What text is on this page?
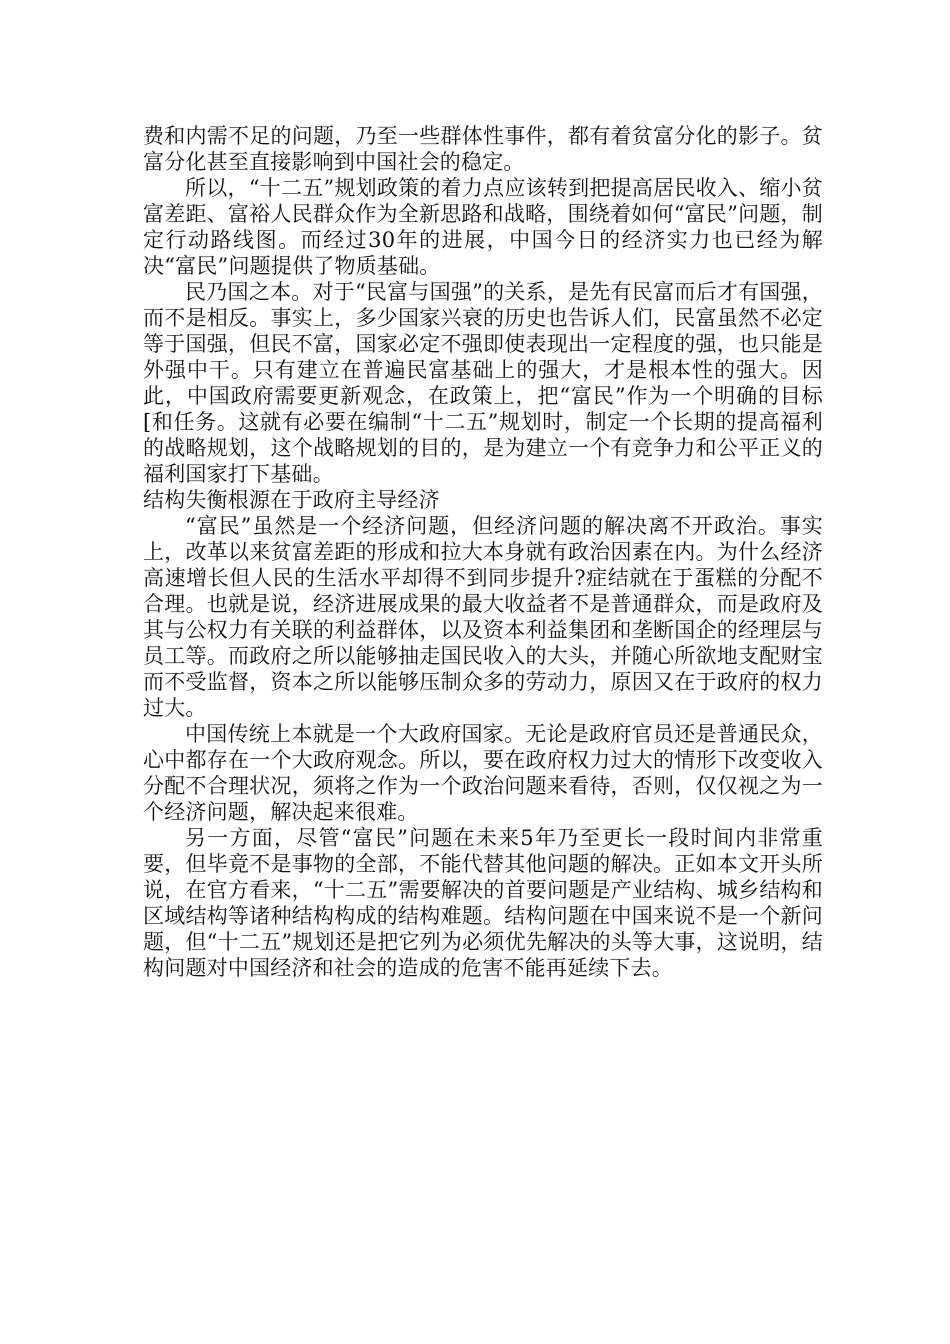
费和内需不足的问题，乃至一些群体性事件，都有着贫富分化的影子。贫富分化甚至直接影响到中国社会的稳定。

所以，“十二五”规划政策的着力点应该转到把提高居民收入、缩小贫富差距、富裕人民群众作为全新思路和战略，围绕着如何“富民”问题，制定行动路线图。而经过30年的进展，中国今日的经济实力也已经为解决“富民”问题提供了物质基础。

民乃国之本。对于“民富与国强”的关系，是先有民富而后才有国强，而不是相反。事实上，多少国家兴衰的历史也告诉人们，民富虽然不必定等于国强，但民不富，国家必定不强即使表现出一定程度的强，也只能是外强中干。只有建立在普遍民富基础上的强大，才是根本性的强大。因此，中国政府需要更新观念，在政策上，把“富民”作为一个明确的目标[和任务。这就有必要在编制“十二五”规划时，制定一个长期的提高福利的战略规划，这个战略规划的目的，是为建立一个有竞争力和公平正义的福利国家打下基础。

结构失衡根源在于政府主导经济

“富民”虽然是一个经济问题，但经济问题的解决离不开政治。事实上，改革以来贫富差距的形成和拉大本身就有政治因素在内。为什么经济高速增长但人民的生活水平却得不到同步提升?症结就在于蛋糕的分配不合理。也就是说，经济进展成果的最大收益者不是普通群众，而是政府及其与公权力有关联的利益群体，以及资本利益集团和垄断国企的经理层与员工等。而政府之所以能够抽走国民收入的大头，并随心所欲地支配财宝而不受监督，资本之所以能够压制众多的劳动力，原因又在于政府的权力过大。

中国传统上本就是一个大政府国家。无论是政府官员还是普通民众，心中都存在一个大政府观念。所以，要在政府权力过大的情形下改变收入分配不合理状况，须将之作为一个政治问题来看待，否则，仅仅视之为一个经济问题，解决起来很难。

另一方面，尽管“富民”问题在未来5年乃至更长一段时间内非常重要，但毕竟不是事物的全部，不能代替其他问题的解决。正如本文开头所说，在官方看来，“十二五”需要解决的首要问题是产业结构、城乡结构和区域结构等诸种结构构成的结构难题。结构问题在中国来说不是一个新问题，但“十二五”规划还是把它列为必须优先解决的头等大事，这说明，结构问题对中国经济和社会的造成的危害不能再延续下去。
